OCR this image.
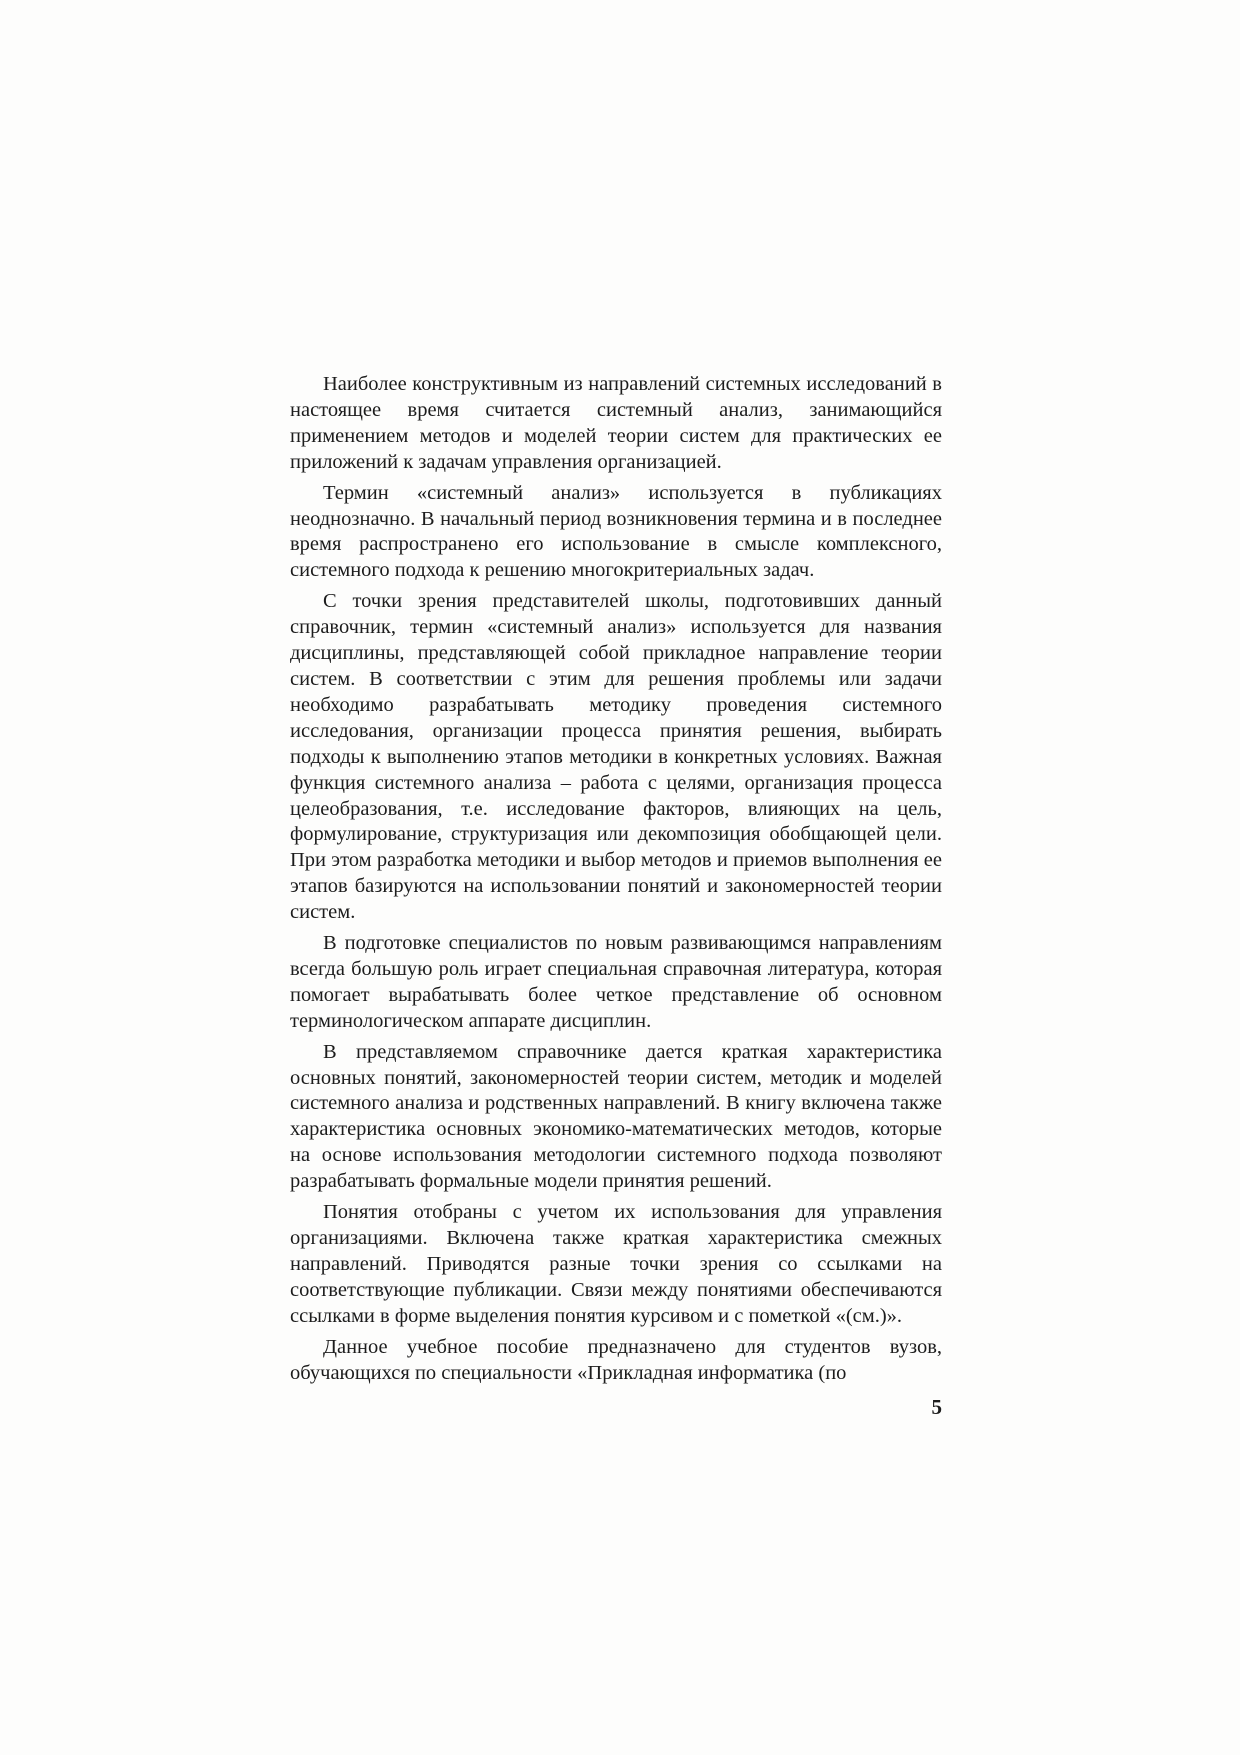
Наиболее конструктивным из направлений системных исследований в настоящее время считается системный анализ, занимающийся применением методов и моделей теории систем для практических ее приложений к задачам управления организацией.

Термин «системный анализ» используется в публикациях неоднозначно. В начальный период возникновения термина и в последнее время распространено его использование в смысле комплексного, системного подхода к решению многокритериальных задач.

С точки зрения представителей школы, подготовивших данный справочник, термин «системный анализ» используется для названия дисциплины, представляющей собой прикладное направление теории систем. В соответствии с этим для решения проблемы или задачи необходимо разрабатывать методику проведения системного исследования, организации процесса принятия решения, выбирать подходы к выполнению этапов методики в конкретных условиях. Важная функция системного анализа – работа с целями, организация процесса целеобразования, т.е. исследование факторов, влияющих на цель, формулирование, структуризация или декомпозиция обобщающей цели. При этом разработка методики и выбор методов и приемов выполнения ее этапов базируются на использовании понятий и закономерностей теории систем.

В подготовке специалистов по новым развивающимся направлениям всегда большую роль играет специальная справочная литература, которая помогает вырабатывать более четкое представление об основном терминологическом аппарате дисциплин.

В представляемом справочнике дается краткая характеристика основных понятий, закономерностей теории систем, методик и моделей системного анализа и родственных направлений. В книгу включена также характеристика основных экономико-математических методов, которые на основе использования методологии системного подхода позволяют разрабатывать формальные модели принятия решений.

Понятия отобраны с учетом их использования для управления организациями. Включена также краткая характеристика смежных направлений. Приводятся разные точки зрения со ссылками на соответствующие публикации. Связи между понятиями обеспечиваются ссылками в форме выделения понятия курсивом и с пометкой «(см.)».

Данное учебное пособие предназначено для студентов вузов, обучающихся по специальности «Прикладная информатика (по

5
